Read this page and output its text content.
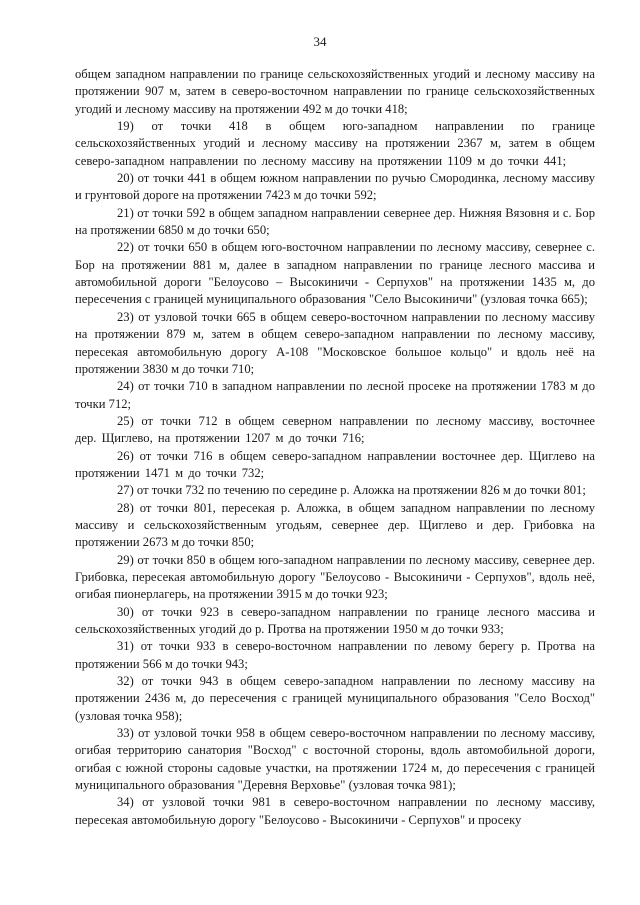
34

общем западном направлении по границе сельскохозяйственных угодий и лесному массиву на протяжении 907 м, затем в северо-восточном направлении по границе сельскохозяйственных угодий и лесному массиву на протяжении 492 м до точки 418;

19) от точки 418 в общем юго-западном направлении по границе сельскохозяйственных угодий и лесному массиву на протяжении 2367 м, затем в общем северо-западном направлении по лесному массиву на протяжении 1109 м до точки 441;

20) от точки 441 в общем южном направлении по ручью Смородинка, лесному массиву и грунтовой дороге на протяжении 7423 м до точки 592;

21) от точки 592 в общем западном направлении севернее дер. Нижняя Вязовня и с. Бор на протяжении 6850 м до точки 650;

22) от точки 650 в общем юго-восточном направлении по лесному массиву, севернее с. Бор на протяжении 881 м, далее в западном направлении по границе лесного массива и автомобильной дороги "Белоусово – Высокиничи - Серпухов" на протяжении 1435 м, до пересечения с границей муниципального образования "Село Высокиничи" (узловая точка 665);

23) от узловой точки 665 в общем северо-восточном направлении по лесному массиву на протяжении 879 м, затем в общем северо-западном направлении по лесному массиву, пересекая автомобильную дорогу А-108 "Московское большое кольцо" и вдоль неё на протяжении 3830 м до точки 710;

24) от точки 710 в западном направлении по лесной просеке на протяжении 1783 м до точки 712;

25) от точки 712 в общем северном направлении по лесному массиву, восточнее дер. Щиглево, на протяжении 1207 м до точки 716;

26) от точки 716 в общем северо-западном направлении восточнее дер. Щиглево на протяжении 1471 м до точки 732;

27) от точки 732 по течению по середине р. Аложка на протяжении 826 м до точки 801;

28) от точки 801, пересекая р. Аложка, в общем западном направлении по лесному массиву и сельскохозяйственным угодьям, севернее дер. Щиглево и дер. Грибовка на протяжении 2673 м до точки 850;

29) от точки 850 в общем юго-западном направлении по лесному массиву, севернее дер. Грибовка, пересекая автомобильную дорогу "Белоусово - Высокиничи - Серпухов", вдоль неё, огибая пионерлагерь, на протяжении 3915 м до точки 923;

30) от точки 923 в северо-западном направлении по границе лесного массива и сельскохозяйственных угодий до р. Протва на протяжении 1950 м до точки 933;

31) от точки 933 в северо-восточном направлении по левому берегу р. Протва на протяжении 566 м до точки 943;

32) от точки 943 в общем северо-западном направлении по лесному массиву на протяжении 2436 м, до пересечения с границей муниципального образования "Село Восход" (узловая точка 958);

33) от узловой точки 958 в общем северо-восточном направлении по лесному массиву, огибая территорию санатория "Восход" с восточной стороны, вдоль автомобильной дороги, огибая с южной стороны садовые участки, на протяжении 1724 м, до пересечения с границей муниципального образования "Деревня Верховье" (узловая точка 981);

34) от узловой точки 981 в северо-восточном направлении по лесному массиву, пересекая автомобильную дорогу "Белоусово - Высокиничи - Серпухов" и просеку
